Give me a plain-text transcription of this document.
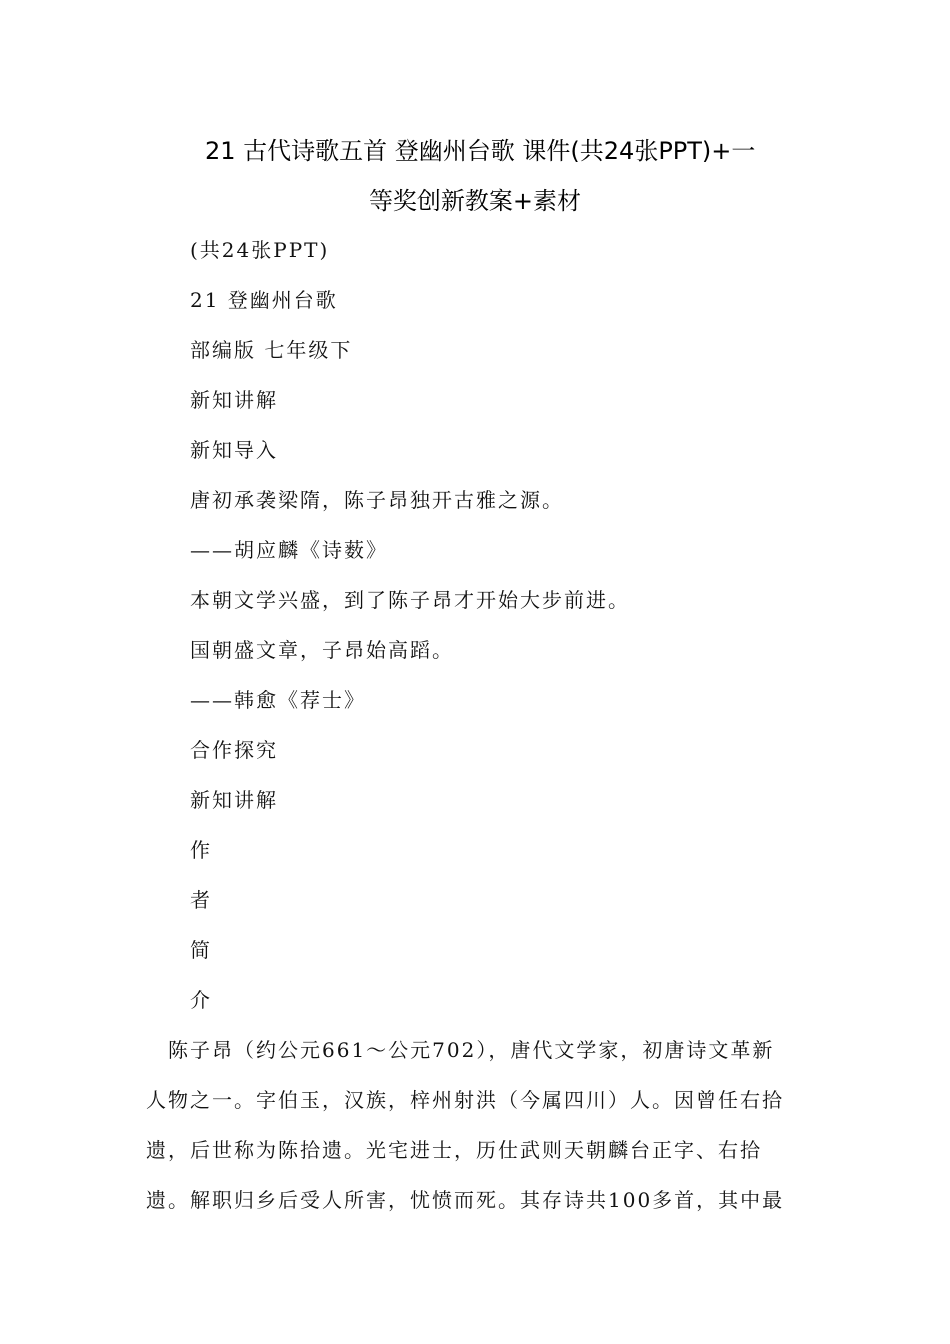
21 古代诗歌五首 登幽州台歌 课件(共24张PPT)+一
等奖创新教案+素材
(共24张PPT)
21 登幽州台歌
部编版 七年级下
新知讲解
新知导入
唐初承袭梁隋，陈子昂独开古雅之源。
——胡应麟《诗薮》
本朝文学兴盛，到了陈子昂才开始大步前进。
国朝盛文章，子昂始高蹈。
——韩愈《荐士》
合作探究
新知讲解
作
者
简
介
　陈子昂（约公元661～公元702），唐代文学家，初唐诗文革新
人物之一。字伯玉，汉族，梓州射洪（今属四川）人。因曾任右拾
遗，后世称为陈拾遗。光宅进士，历仕武则天朝麟台正字、右拾
遗。解职归乡后受人所害，忧愤而死。其存诗共100多首，其中最
